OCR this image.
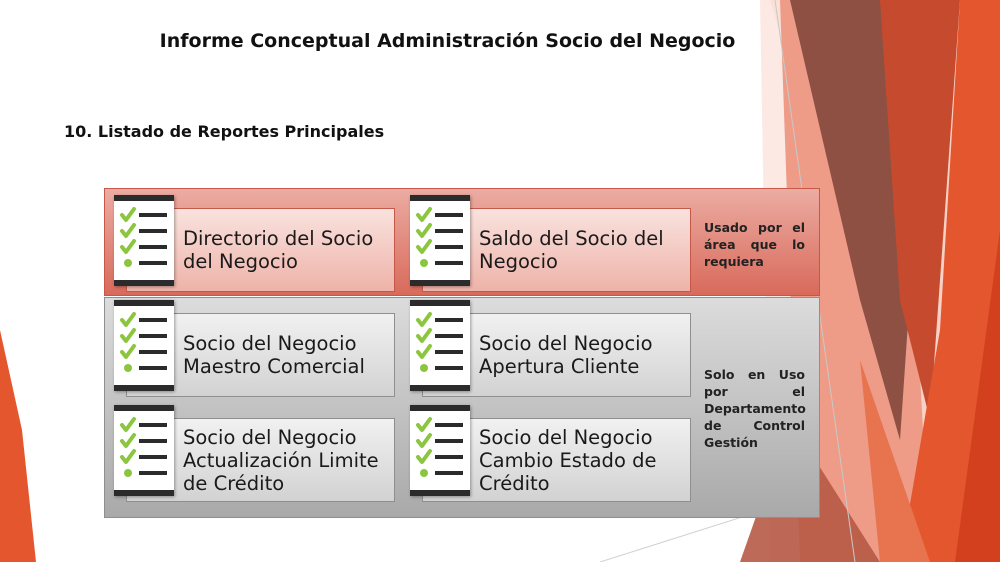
Informe Conceptual Administración Socio del Negocio
10. Listado de Reportes Principales
Directorio del Socio del Negocio
Saldo del Socio del Negocio
Usado por el área que lo requiera
Socio del Negocio Maestro Comercial
Socio del Negocio Apertura Cliente
Socio del Negocio Actualización Limite de Crédito
Socio del Negocio Cambio Estado de Crédito
Solo en Uso por el Departamento de Control Gestión
